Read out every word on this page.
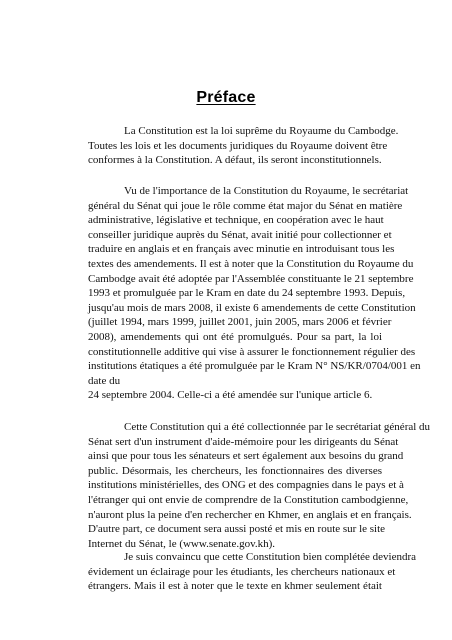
Préface
La Constitution est la loi suprême du Royaume du Cambodge.
Toutes les lois et les documents juridiques du Royaume doivent être
conformes à la Constitution. A défaut, ils seront inconstitutionnels.
Vu de l'importance de la Constitution du Royaume, le secrétariat
général du Sénat qui joue le rôle comme état major du Sénat en matière
administrative, législative et technique, en coopération avec le haut
conseiller juridique auprès du Sénat, avait initié pour collectionner et
traduire en anglais et en français avec minutie en introduisant tous les
textes des amendements. Il est à noter que la Constitution du Royaume du
Cambodge avait été adoptée par l'Assemblée constituante le 21 septembre
1993 et promulguée par le Kram en date du 24 septembre 1993. Depuis,
jusqu'au mois de mars 2008, il existe 6 amendements de cette Constitution
(juillet 1994, mars 1999, juillet 2001, juin 2005, mars 2006 et février
2008), amendements qui ont été promulgués. Pour sa part, la loi
constitutionnelle additive qui vise à assurer le fonctionnement régulier des
institutions étatiques a été promulguée par le Kram N° NS/KR/0704/001 en
date du
24 septembre 2004. Celle-ci a été amendée sur l'unique article 6.
Cette Constitution qui a été collectionnée par le secrétariat général du
Sénat sert d'un instrument d'aide-mémoire pour les dirigeants du Sénat
ainsi que pour tous les sénateurs et sert également aux besoins du grand
public. Désormais, les chercheurs, les fonctionnaires des diverses
institutions ministérielles, des ONG et des compagnies dans le pays et à
l'étranger qui ont envie de comprendre de la Constitution cambodgienne,
n'auront plus la peine d'en rechercher en Khmer, en anglais et en français.
D'autre part, ce document sera aussi posté et mis en route sur le site
Internet du Sénat, le (www.senate.gov.kh).
Je suis convaincu que cette Constitution bien complétée deviendra
évidement un éclairage pour les étudiants, les chercheurs nationaux et
étrangers. Mais il est à noter que le texte en khmer seulement était
